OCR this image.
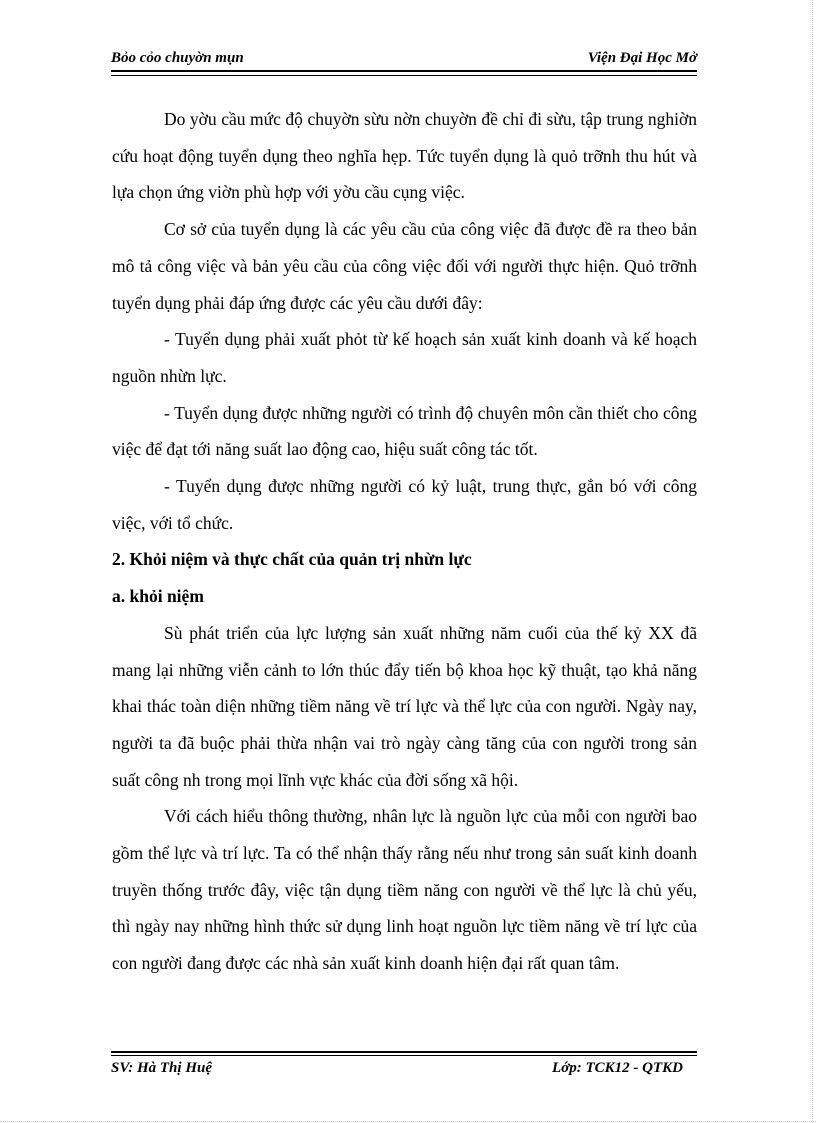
Bỏo cỏo chuyờn mụn	Viện Đại Học Mở

Do yờu cầu mức độ chuyờn sừu nờn chuyờn đề chỉ đi sừu, tập trung nghiờn cứu hoạt động tuyển dụng theo nghĩa hẹp. Tức tuyển dụng là quỏ trỡnh thu hút và lựa chọn ứng viờn phù hợp với yờu cầu cụng việc.

Cơ sở của tuyển dụng là các yêu cầu của công việc đã được đề ra theo bản mô tả công việc và bản yêu cầu của công việc đối với người thực hiện. Quỏ trỡnh tuyển dụng phải đáp ứng được các yêu cầu dưới đây:

- Tuyển dụng phải xuất phỏt từ kế hoạch sản xuất kinh doanh và kế hoạch nguồn nhừn lực.

- Tuyển dụng được những người có trình độ chuyên môn cần thiết cho công việc để đạt tới năng suất lao động cao, hiệu suất công tác tốt.

- Tuyển dụng được những người có kỷ luật, trung thực, gắn bó với công việc, với tổ chức.

2. Khỏi niệm và thực chất của quản trị nhừn lực

a. khỏi niệm

Sù phát triển của lực lượng sản xuất những năm cuối của thế kỷ XX đã mang lại những viễn cảnh to lớn thúc đẩy tiến bộ khoa học kỹ thuật, tạo khả năng khai thác toàn diện những tiềm năng về trí lực và thể lực của con người. Ngày nay, người ta đã buộc phải thừa nhận vai trò ngày càng tăng của con người trong sản suất công nh trong mọi lĩnh vực khác của đời sống xã hội.

Với cách hiểu thông thường, nhân lực là nguồn lực của mỗi con người bao gồm thể lực và trí lực. Ta có thể nhận thấy rằng nếu như trong sản suất kinh doanh truyền thống trước đây, việc tận dụng tiềm năng con người về thể lực là chủ yếu, thì ngày nay những hình thức sử dụng linh hoạt nguồn lực tiềm năng về trí lực của con người đang được các nhà sản xuất kinh doanh hiện đại rất quan tâm.

SV: Hà Thị Huệ	Lớp: TCK12 - QTKD
